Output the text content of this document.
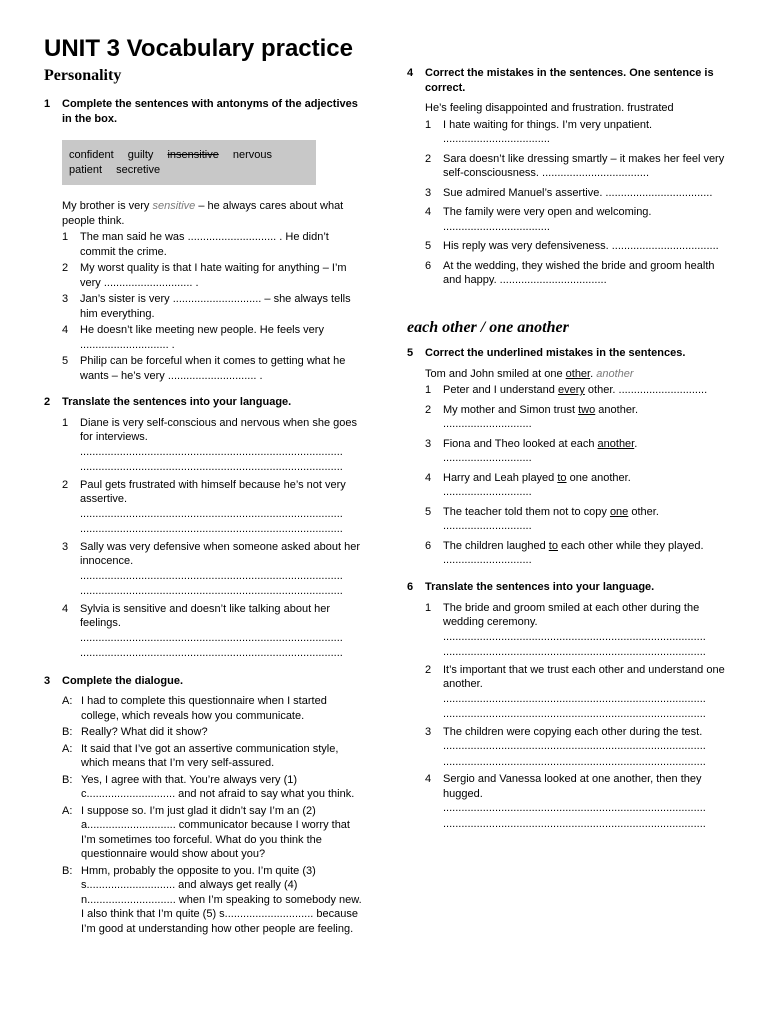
UNIT 3 Vocabulary practice
Personality
1	Complete the sentences with antonyms of the adjectives in the box.
confident guilty insensitive nervous
patient secretive
My brother is very sensitive – he always cares about what people think.
1	The man said he was ............................. . He didn’t commit the crime.
2	My worst quality is that I hate waiting for anything – I’m very ............................. .
3	Jan’s sister is very ............................. – she always tells him everything.
4	He doesn’t like meeting new people. He feels very ............................. .
5	Philip can be forceful when it comes to getting what he wants – he’s very ............................. .
2	Translate the sentences into your language.
1	Diane is very self-conscious and nervous when she goes for interviews.
......................................................................................
......................................................................................
2	Paul gets frustrated with himself because he’s not very assertive.
......................................................................................
......................................................................................
3	Sally was very defensive when someone asked about her innocence.
......................................................................................
......................................................................................
4	Sylvia is sensitive and doesn’t like talking about her feelings.
......................................................................................
......................................................................................
3	Complete the dialogue.
A: I had to complete this questionnaire when I started college, which reveals how you communicate.
B: Really? What did it show?
A: It said that I’ve got an assertive communication style, which means that I’m very self-assured.
B: Yes, I agree with that. You’re always very (1) c............................. and not afraid to say what you think.
A: I suppose so. I’m just glad it didn’t say I’m an (2) a............................. communicator because I worry that I’m sometimes too forceful. What do you think the questionnaire would show about you?
B: Hmm, probably the opposite to you. I’m quite (3) s............................. and always get really (4) n............................. when I’m speaking to somebody new. I also think that I’m quite (5) s............................. because I’m good at understanding how other people are feeling.
4	Correct the mistakes in the sentences. One sentence is correct.
He’s feeling disappointed and frustration. frustrated
1	I hate waiting for things. I’m very unpatient. ...................................
2	Sara doesn’t like dressing smartly – it makes her feel very self-consciousness. ...................................
3	Sue admired Manuel’s assertive. ...................................
4	The family were very open and welcoming. ...................................
5	His reply was very defensiveness. ...................................
6	At the wedding, they wished the bride and groom health and happy. ...................................
each other / one another
5	Correct the underlined mistakes in the sentences.
Tom and John smiled at one other. another
1	Peter and I understand every other. .............................
2	My mother and Simon trust two another.
.............................
3	Fiona and Theo looked at each another.
.............................
4	Harry and Leah played to one another.
.............................
5	The teacher told them not to copy one other.
.............................
6	The children laughed to each other while they played.
.............................
6	Translate the sentences into your language.
1	The bride and groom smiled at each other during the wedding ceremony.
......................................................................................
......................................................................................
2	It’s important that we trust each other and understand one another.
......................................................................................
......................................................................................
3	The children were copying each other during the test.
......................................................................................
......................................................................................
4	Sergio and Vanessa looked at one another, then they hugged.
......................................................................................
......................................................................................
